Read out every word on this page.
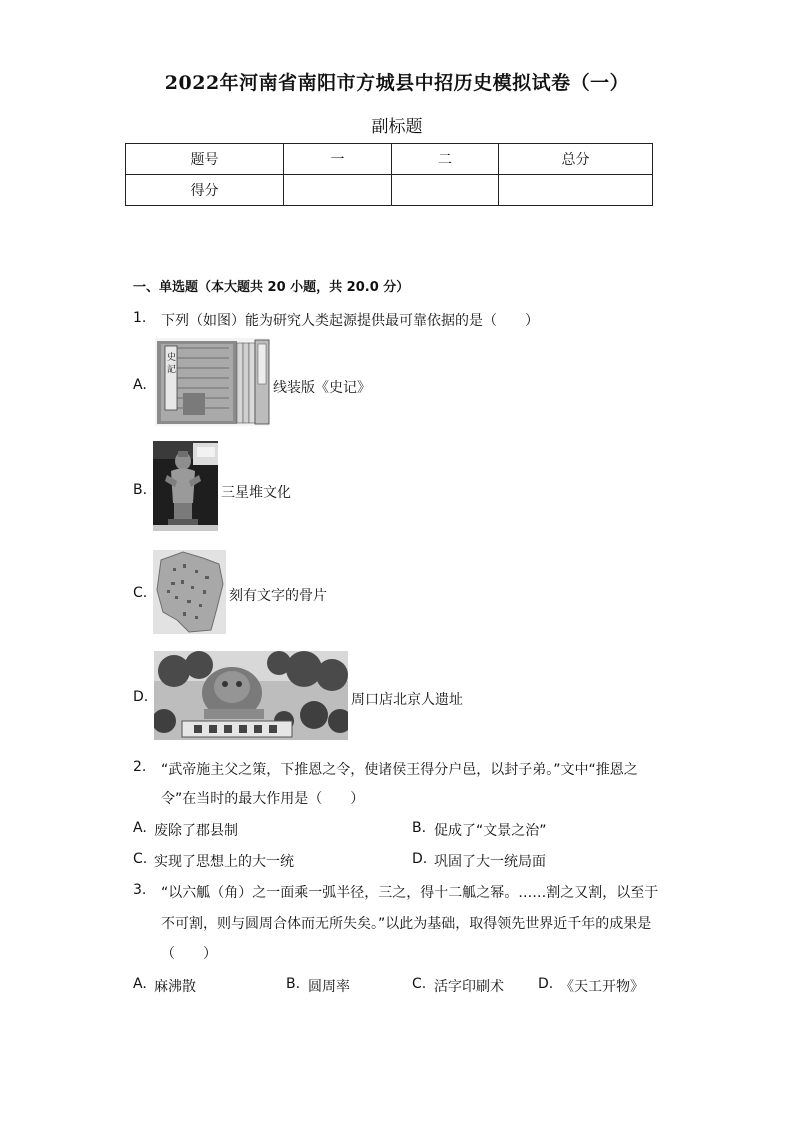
2022年河南省南阳市方城县中招历史模拟试卷（一）
副标题
题号	一	二	总分
得分			
一、单选题（本大题共 20 小题，共 20.0 分）
1. 下列（如图）能为研究人类起源提供最可靠依据的是（　　）
A.
史
記
线装版《史记》
B.	三星堆文化
C.	刻有文字的骨片
D.	周口店北京人遗址
2. “武帝施主父之策，下推恩之令，使诸侯王得分户邑，以封子弟。”文中“推恩之
令”在当时的最大作用是（　　）
A. 废除了郡县制	B. 促成了“文景之治”
C. 实现了思想上的大一统	D. 巩固了大一统局面
3. “以六觚（角）之一面乘一弧半径，三之，得十二觚之幂。……割之又割，以至于
不可割，则与圆周合体而无所失矣。”以此为基础，取得领先世界近千年的成果是
（　　）
A. 麻沸散	B. 圆周率	C. 活字印刷术 D. 《天工开物》
